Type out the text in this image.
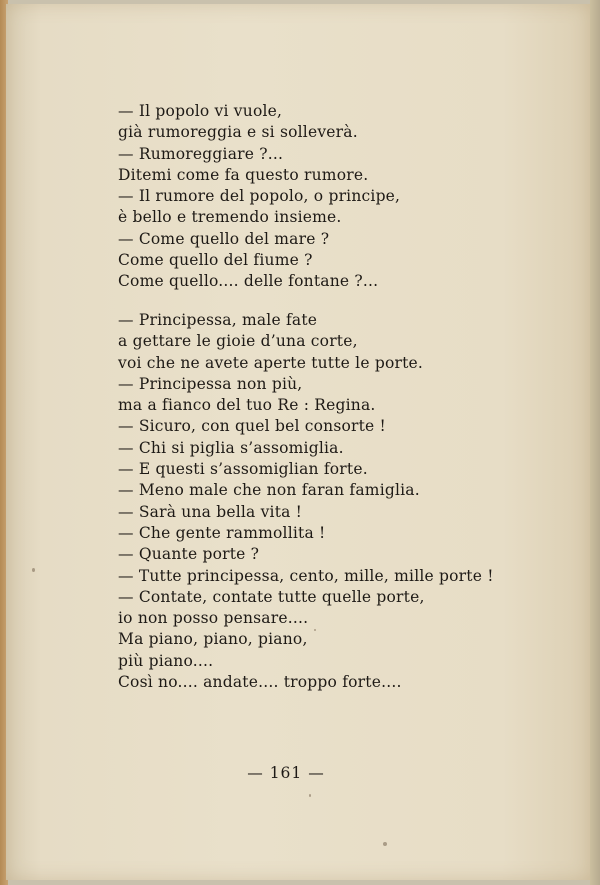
— Il popolo vi vuole,
già rumoreggia e si solleverà.
— Rumoreggiare ?...
Ditemi come fa questo rumore.
— Il rumore del popolo, o principe,
è bello e tremendo insieme.
— Come quello del mare ?
Come quello del fiume ?
Come quello.... delle fontane ?...
— Principessa, male fate
a gettare le gioie d’una corte,
voi che ne avete aperte tutte le porte.
— Principessa non più,
ma a fianco del tuo Re : Regina.
— Sicuro, con quel bel consorte !
— Chi si piglia s’assomiglia.
— E questi s’assomiglian forte.
— Meno male che non faran famiglia.
— Sarà una bella vita !
— Che gente rammollita !
— Quante porte ?
— Tutte principessa, cento, mille, mille porte !
— Contate, contate tutte quelle porte,
io non posso pensare....
Ma piano, piano, piano,
più piano....
Così no.... andate.... troppo forte....
— 161 —
